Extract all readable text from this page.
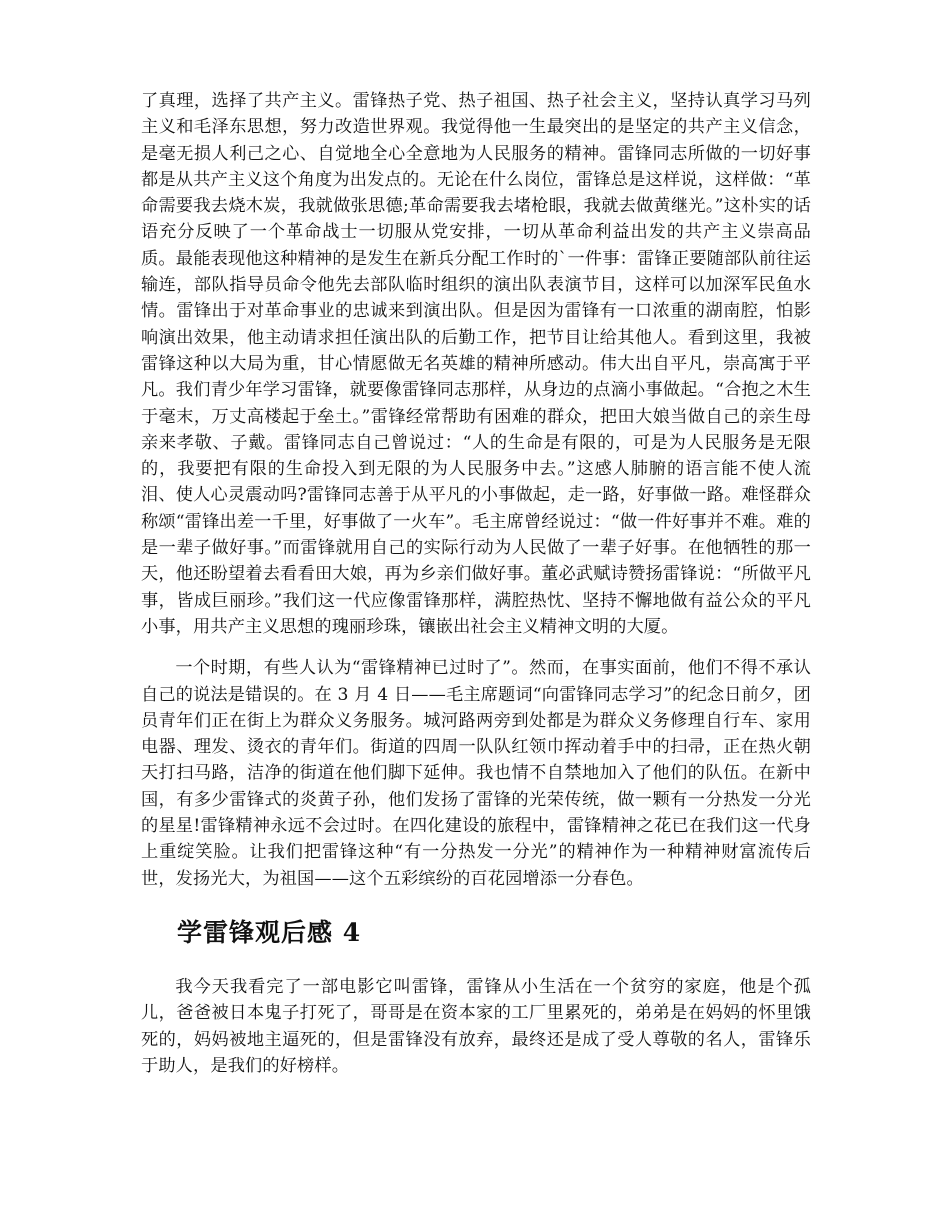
了真理，选择了共产主义。雷锋热子党、热子祖国、热子社会主义，坚持认真学习马列主义和毛泽东思想，努力改造世界观。我觉得他一生最突出的是坚定的共产主义信念，是毫无损人利己之心、自觉地全心全意地为人民服务的精神。雷锋同志所做的一切好事都是从共产主义这个角度为出发点的。无论在什么岗位，雷锋总是这样说，这样做：“革命需要我去烧木炭，我就做张思德;革命需要我去堵枪眼，我就去做黄继光。”这朴实的话语充分反映了一个革命战士一切服从党安排，一切从革命利益出发的共产主义崇高品质。最能表现他这种精神的是发生在新兵分配工作时的`一件事：雷锋正要随部队前往运输连，部队指导员命令他先去部队临时组织的演出队表演节目，这样可以加深军民鱼水情。雷锋出于对革命事业的忠诚来到演出队。但是因为雷锋有一口浓重的湖南腔，怕影响演出效果，他主动请求担任演出队的后勤工作，把节目让给其他人。看到这里，我被雷锋这种以大局为重，甘心情愿做无名英雄的精神所感动。伟大出自平凡，崇高寓于平凡。我们青少年学习雷锋，就要像雷锋同志那样，从身边的点滴小事做起。“合抱之木生于毫末，万丈高楼起于垒土。”雷锋经常帮助有困难的群众，把田大娘当做自己的亲生母亲来孝敬、子戴。雷锋同志自己曾说过：“人的生命是有限的，可是为人民服务是无限的，我要把有限的生命投入到无限的为人民服务中去。”这感人肺腑的语言能不使人流泪、使人心灵震动吗?雷锋同志善于从平凡的小事做起，走一路，好事做一路。难怪群众称颂“雷锋出差一千里，好事做了一火车”。毛主席曾经说过：“做一件好事并不难。难的是一辈子做好事。”而雷锋就用自己的实际行动为人民做了一辈子好事。在他牺牲的那一天，他还盼望着去看看田大娘，再为乡亲们做好事。董必武赋诗赞扬雷锋说：“所做平凡事，皆成巨丽珍。”我们这一代应像雷锋那样，满腔热忱、坚持不懈地做有益公众的平凡小事，用共产主义思想的瑰丽珍珠，镶嵌出社会主义精神文明的大厦。

一个时期，有些人认为“雷锋精神已过时了”。然而，在事实面前，他们不得不承认自己的说法是错误的。在 3 月 4 日——毛主席题词“向雷锋同志学习”的纪念日前夕，团员青年们正在街上为群众义务服务。城河路两旁到处都是为群众义务修理自行车、家用电器、理发、烫衣的青年们。街道的四周一队队红领巾挥动着手中的扫帚，正在热火朝天打扫马路，洁净的街道在他们脚下延伸。我也情不自禁地加入了他们的队伍。在新中国，有多少雷锋式的炎黄子孙，他们发扬了雷锋的光荣传统，做一颗有一分热发一分光的星星!雷锋精神永远不会过时。在四化建设的旅程中，雷锋精神之花已在我们这一代身上重绽笑脸。让我们把雷锋这种“有一分热发一分光”的精神作为一种精神财富流传后世，发扬光大，为祖国——这个五彩缤纷的百花园增添一分春色。

学雷锋观后感 4

我今天我看完了一部电影它叫雷锋，雷锋从小生活在一个贫穷的家庭，他是个孤儿，爸爸被日本鬼子打死了，哥哥是在资本家的工厂里累死的，弟弟是在妈妈的怀里饿死的，妈妈被地主逼死的，但是雷锋没有放弃，最终还是成了受人尊敬的名人，雷锋乐于助人，是我们的好榜样。
